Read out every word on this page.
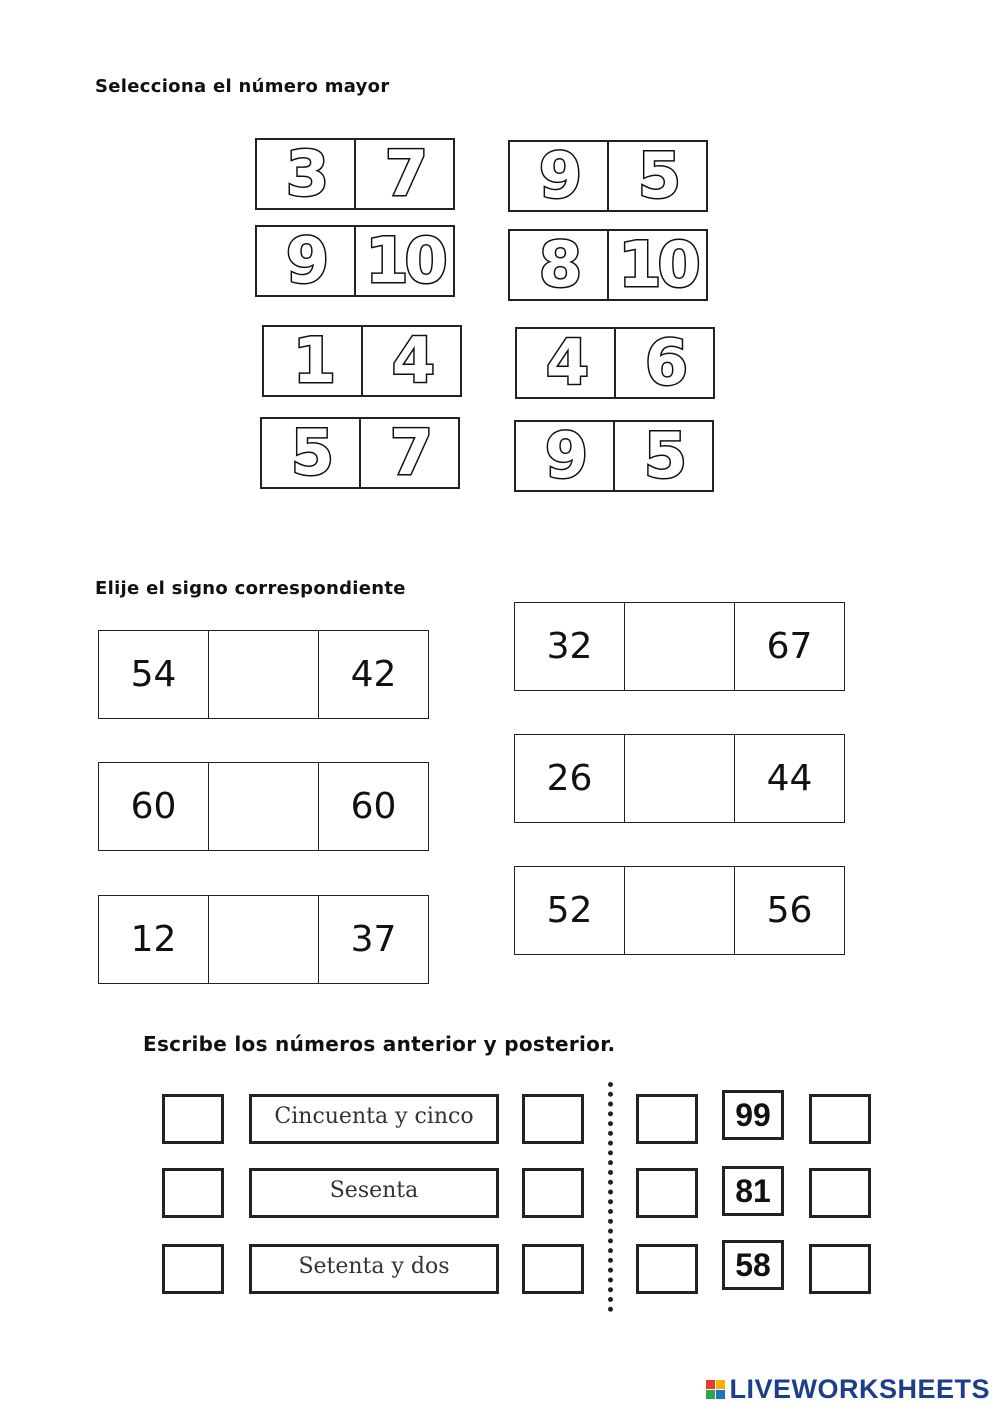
Selecciona el número mayor
3 7 9 5
9 10 8 10
1 4 4 6
5 7 9 5
Elije el signo correspondiente
54	42
32	67
60	60
26	44
12	37
52	56
Escribe los números anterior y posterior.
Cincuenta y cinco	99
Sesenta	81
Setenta y dos	58
LIVEWORKSHEETS
